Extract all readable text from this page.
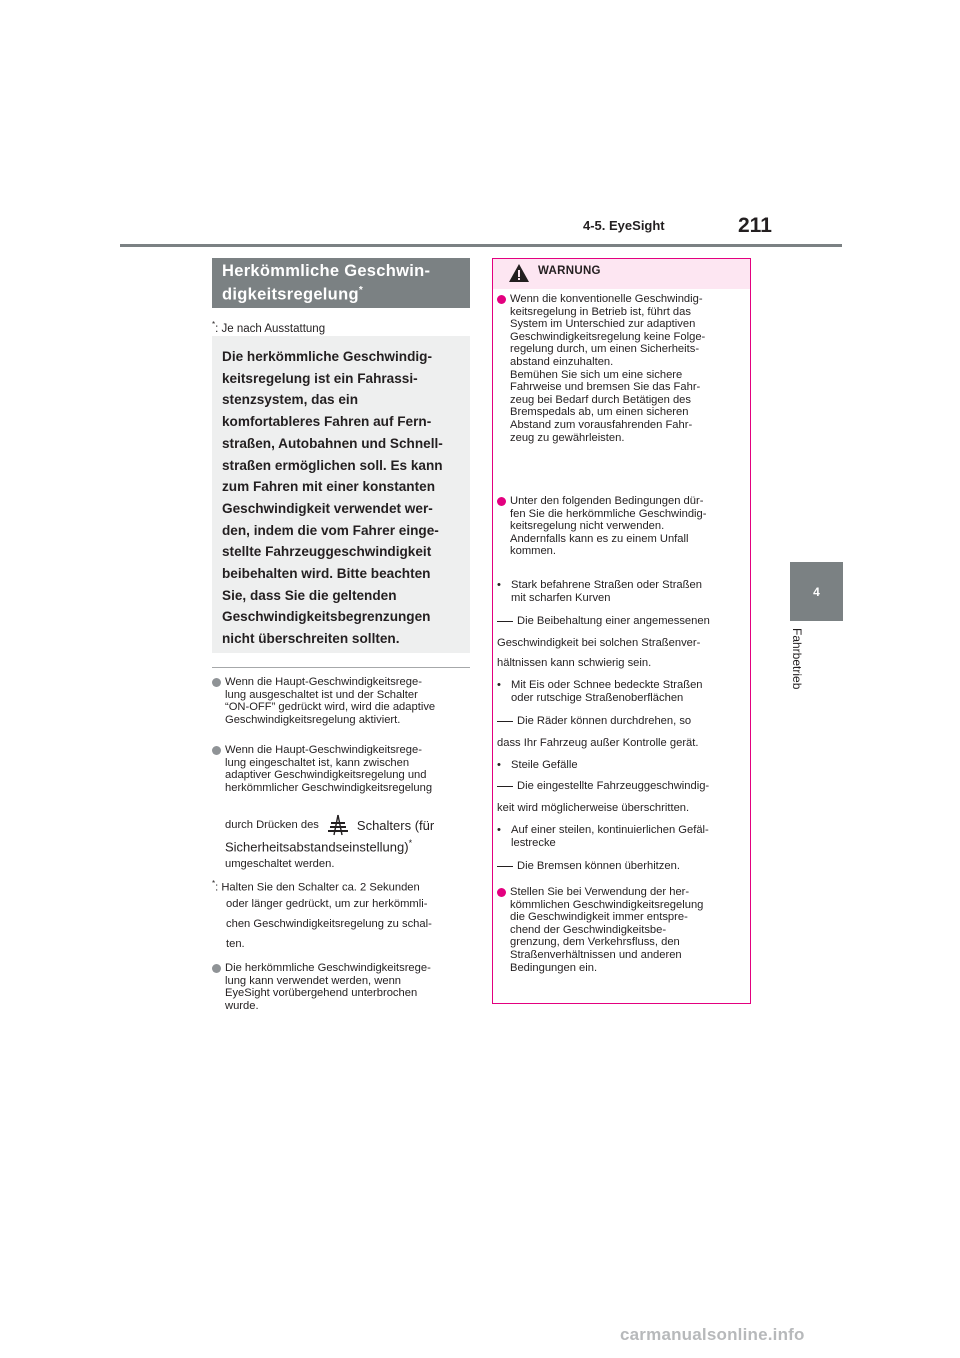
4-5. EyeSight	211
4
Fahrbetrieb
Herkömmliche Geschwin-
digkeitsregelung*
*: Je nach Ausstattung
Die herkömmliche Geschwindig-
keitsregelung ist ein Fahrassi-
stenzsystem, das ein
komfortableres Fahren auf Fern-
straßen, Autobahnen und Schnell-
straßen ermöglichen soll. Es kann
zum Fahren mit einer konstanten
Geschwindigkeit verwendet wer-
den, indem die vom Fahrer einge-
stellte Fahrzeuggeschwindigkeit
beibehalten wird. Bitte beachten
Sie, dass Sie die geltenden
Geschwindigkeitsbegrenzungen
nicht überschreiten sollten.
Wenn die Haupt-Geschwindigkeitsrege-
lung ausgeschaltet ist und der Schalter
“ON-OFF” gedrückt wird, wird die adaptive
Geschwindigkeitsregelung aktiviert.
Wenn die Haupt-Geschwindigkeitsrege-
lung eingeschaltet ist, kann zwischen
adaptiver Geschwindigkeitsregelung und
herkömmlicher Geschwindigkeitsregelung
durch Drücken des	Schalters (für
Sicherheitsabstandseinstellung)*
umgeschaltet werden.
*: Halten Sie den Schalter ca. 2 Sekunden
oder länger gedrückt, um zur herkömmli-
chen Geschwindigkeitsregelung zu schal-
ten.
Die herkömmliche Geschwindigkeitsrege-
lung kann verwendet werden, wenn
EyeSight vorübergehend unterbrochen
wurde.
WARNUNG
Wenn die konventionelle Geschwindig-
keitsregelung in Betrieb ist, führt das
System im Unterschied zur adaptiven
Geschwindigkeitsregelung keine Folge-
regelung durch, um einen Sicherheits-
abstand einzuhalten.
Bemühen Sie sich um eine sichere
Fahrweise und bremsen Sie das Fahr-
zeug bei Bedarf durch Betätigen des
Bremspedals ab, um einen sicheren
Abstand zum vorausfahrenden Fahr-
zeug zu gewährleisten.
Unter den folgenden Bedingungen dür-
fen Sie die herkömmliche Geschwindig-
keitsregelung nicht verwenden.
Andernfalls kann es zu einem Unfall
kommen.
• Stark befahrene Straßen oder Straßen
mit scharfen Kurven
Die Beibehaltung einer angemessenen
Geschwindigkeit bei solchen Straßenver-
hältnissen kann schwierig sein.
• Mit Eis oder Schnee bedeckte Straßen
oder rutschige Straßenoberflächen
Die Räder können durchdrehen, so
dass Ihr Fahrzeug außer Kontrolle gerät.
• Steile Gefälle
Die eingestellte Fahrzeuggeschwindig-
keit wird möglicherweise überschritten.
• Auf einer steilen, kontinuierlichen Gefäl-
lestrecke
Die Bremsen können überhitzen.
Stellen Sie bei Verwendung der her-
kömmlichen Geschwindigkeitsregelung
die Geschwindigkeit immer entspre-
chend der Geschwindigkeitsbe-
grenzung, dem Verkehrsfluss, den
Straßenverhältnissen und anderen
Bedingungen ein.
carmanualsonline.info
